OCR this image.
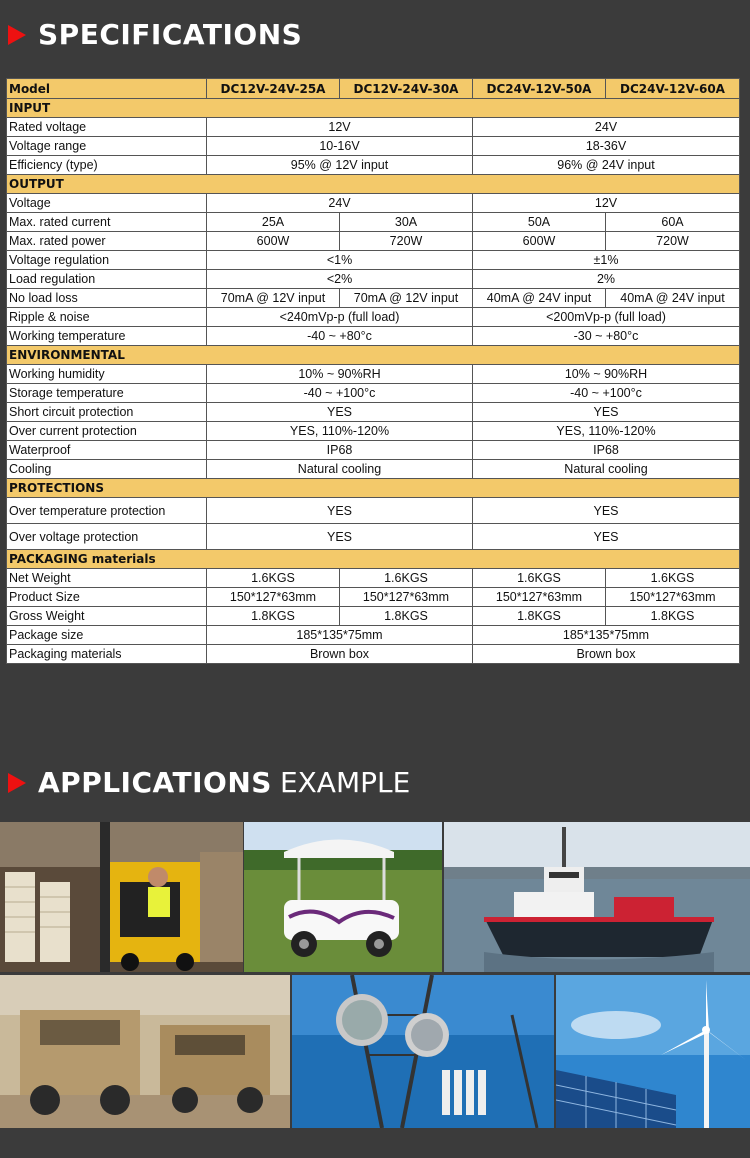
SPECIFICATIONS
Model	DC12V-24V-25A	DC12V-24V-30A	DC24V-12V-50A	DC24V-12V-60A
INPUT				
Rated voltage	12V		24V	
Voltage range	10-16V		18-36V	
Efficiency (type)	95% @ 12V input		96% @ 24V input	
OUTPUT				
Voltage	24V		12V	
Max. rated current	25A	30A	50A	60A
Max. rated power	600W	720W	600W	720W
Voltage regulation	<1%		±1%	
Load regulation	<2%		2%	
No load loss	70mA @ 12V input	70mA @ 12V input	40mA @ 24V input	40mA @ 24V input
Ripple & noise	<240mVp-p (full load)		<200mVp-p (full load)	
Working temperature	-40 ~ +80°c		-30 ~ +80°c	
ENVIRONMENTAL				
Working humidity	10% ~ 90%RH		10% ~ 90%RH	
Storage temperature	-40 ~ +100°c		-40 ~ +100°c	
Short circuit protection	YES		YES	
Over current protection	YES, 110%-120%		YES, 110%-120%	
Waterproof	IP68		IP68	
Cooling	Natural cooling		Natural cooling	
PROTECTIONS				
Over temperature protection	YES		YES	
Over voltage protection	YES		YES	
PACKAGING materials				
Net Weight	1.6KGS	1.6KGS	1.6KGS	1.6KGS
Product Size	150*127*63mm	150*127*63mm	150*127*63mm	150*127*63mm
Gross Weight	1.8KGS	1.8KGS	1.8KGS	1.8KGS
Package size	185*135*75mm		185*135*75mm	
Packaging materials	Brown box		Brown box	
APPLICATIONS EXAMPLE
